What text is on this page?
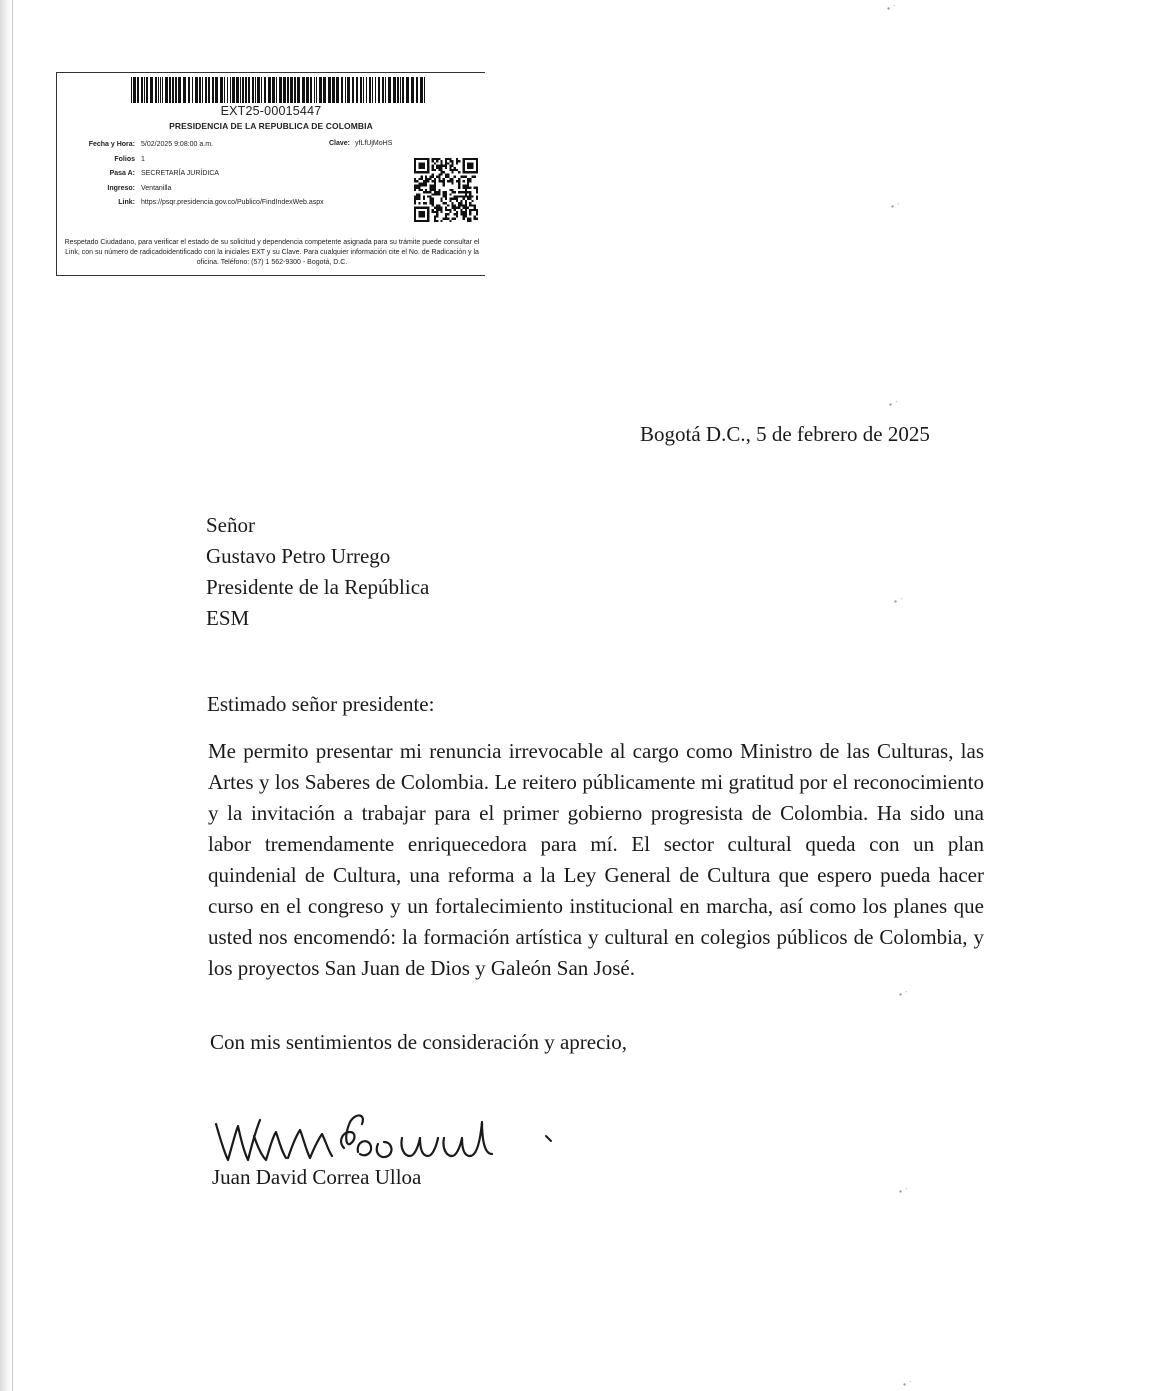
EXT25-00015447
PRESIDENCIA DE LA REPUBLICA DE COLOMBIA
Fecha y Hora: 5/02/2025 9:08:00 a.m.	Clave: yfLfUjMoHS
Folios 1
Pasa A: SECRETARÍA JURÍDICA
Ingreso: Ventanilla
Link: https://psqr.presidencia.gov.co/Publico/FindIndexWeb.aspx
Respetado Ciudadano, para verificar el estado de su solicitud y dependencia competente asignada para su trámite puede consultar el Link, con su número de radicadoidentificado con la iniciales EXT y su Clave. Para cualquier información cite el No. de Radicación y la oficina. Teléfono: (57) 1 562-9300 - Bogotá, D.C.
Bogotá D.C., 5 de febrero de 2025
Señor
Gustavo Petro Urrego
Presidente de la República
ESM
Estimado señor presidente:

Me permito presentar mi renuncia irrevocable al cargo como Ministro de las Culturas, las Artes y los Saberes de Colombia. Le reitero públicamente mi gratitud por el reconocimiento y la invitación a trabajar para el primer gobierno progresista de Colombia. Ha sido una labor tremendamente enriquecedora para mí. El sector cultural queda con un plan quindenial de Cultura, una reforma a la Ley General de Cultura que espero pueda hacer curso en el congreso y un fortalecimiento institucional en marcha, así como los planes que usted nos encomendó: la formación artística y cultural en colegios públicos de Colombia, y los proyectos San Juan de Dios y Galeón San José.

Con mis sentimientos de consideración y aprecio,
Juan David Correa Ulloa
∙ ′
∙ ′
∙ ′
∙ ′
∙ ′
∙ ′
∙ ′
